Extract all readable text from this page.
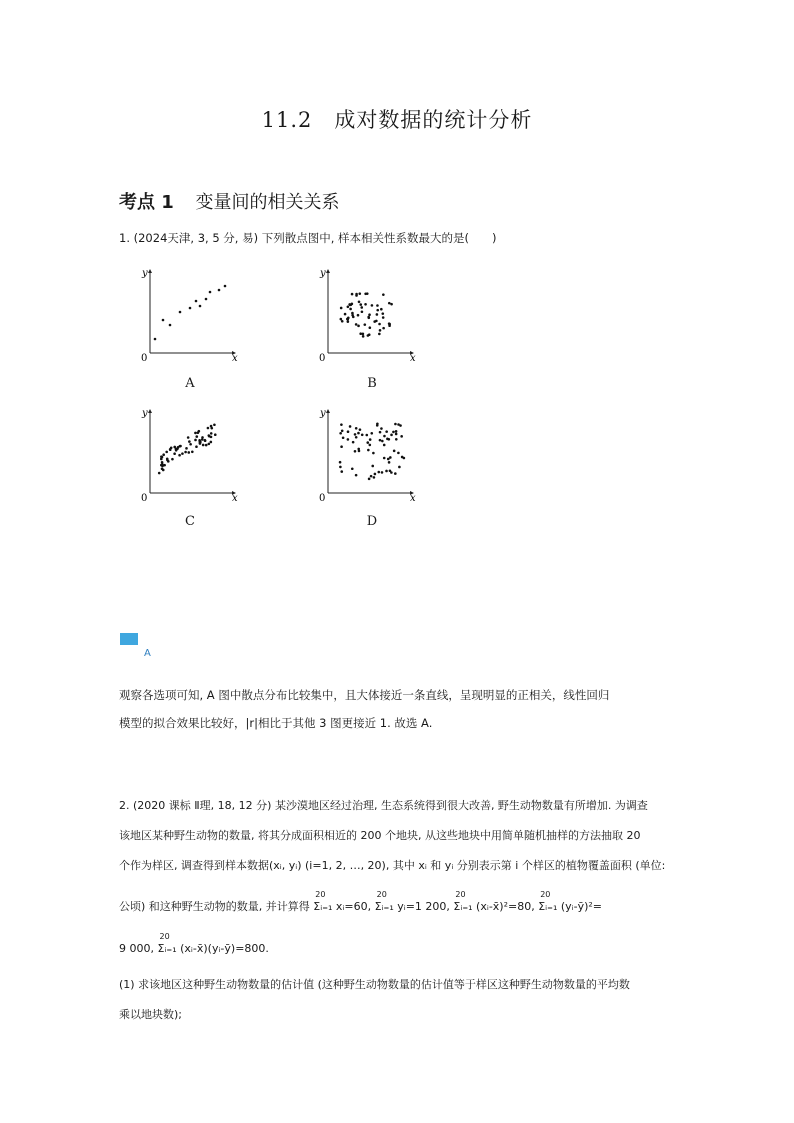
11.2　成对数据的统计分析
考点 1 变量间的相关关系
1. (2024天津, 3, 5 分, 易) 下列散点图中, 样本相关性系数最大的是(　　)
x
y
0
A
x
y
0
B
x
y
0
C
x
y
0
D
A
观察各选项可知, A 图中散点分布比较集中，且大体接近一条直线，呈现明显的正相关，线性回归
模型的拟合效果比较好，|r|相比于其他 3 图更接近 1. 故选 A.
2. (2020 课标 Ⅱ理, 18, 12 分) 某沙漠地区经过治理, 生态系统得到很大改善, 野生动物数量有所增加. 为调查
该地区某种野生动物的数量, 将其分成面积相近的 200 个地块, 从这些地块中用简单随机抽样的方法抽取 20
个作为样区, 调查得到样本数据(xᵢ, yᵢ) (i=1, 2, …, 20), 其中 xᵢ 和 yᵢ 分别表示第 i 个样区的植物覆盖面积 (单位:
公顷) 和这种野生动物的数量, 并计算得
20
Σᵢ₌₁ xᵢ=60,
20
Σᵢ₌₁ yᵢ=1 200,
20
Σᵢ₌₁ (xᵢ-x̄)²=80,
20
Σᵢ₌₁ (yᵢ-ȳ)²=
9 000,
20
Σᵢ₌₁ (xᵢ-x̄)(yᵢ-ȳ)=800.
(1) 求该地区这种野生动物数量的估计值 (这种野生动物数量的估计值等于样区这种野生动物数量的平均数
乘以地块数);
